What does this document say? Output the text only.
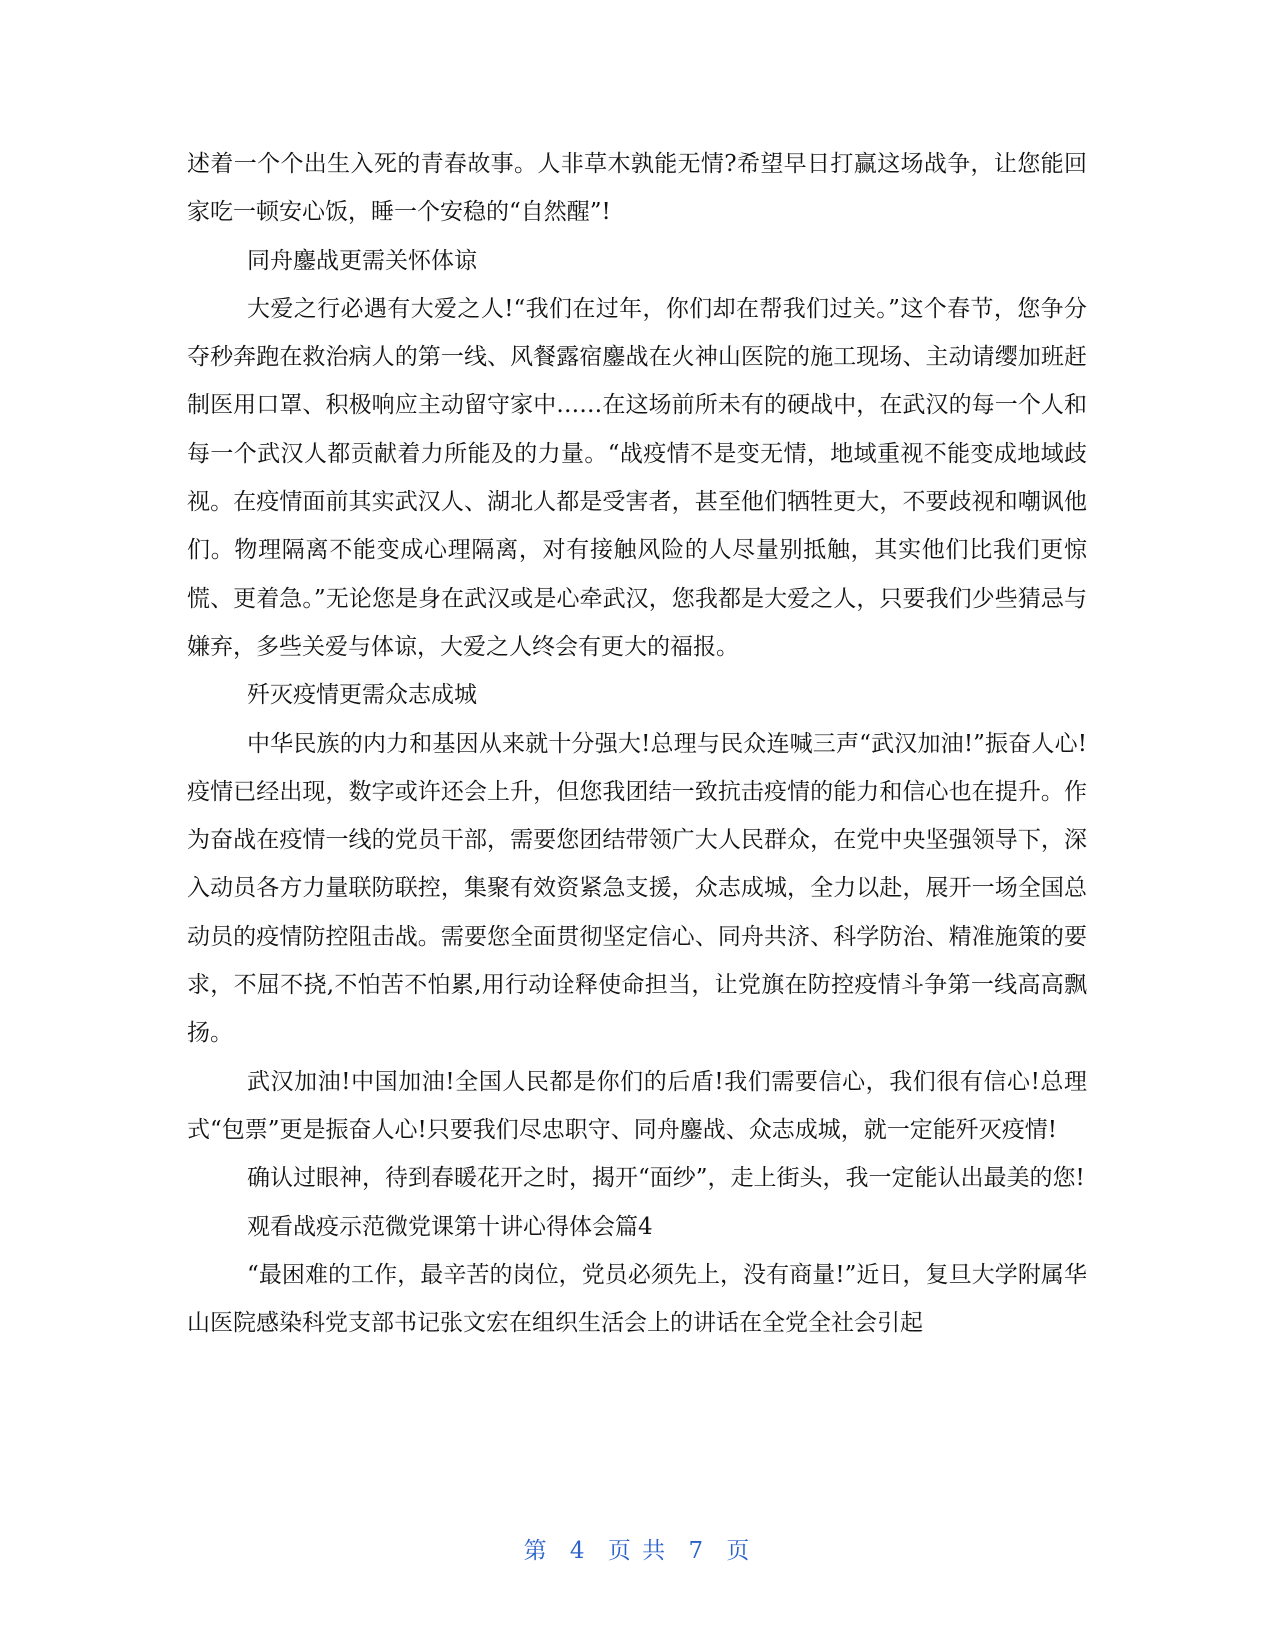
述着一个个出生入死的青春故事。人非草木孰能无情?希望早日打赢这场战争，让您能回家吃一顿安心饭，睡一个安稳的“自然醒”!

同舟鏖战更需关怀体谅

大爱之行必遇有大爱之人!“我们在过年，你们却在帮我们过关。”这个春节，您争分夺秒奔跑在救治病人的第一线、风餐露宿鏖战在火神山医院的施工现场、主动请缨加班赶制医用口罩、积极响应主动留守家中……在这场前所未有的硬战中，在武汉的每一个人和每一个武汉人都贡献着力所能及的力量。“战疫情不是变无情，地域重视不能变成地域歧视。在疫情面前其实武汉人、湖北人都是受害者，甚至他们牺牲更大，不要歧视和嘲讽他们。物理隔离不能变成心理隔离，对有接触风险的人尽量别抵触，其实他们比我们更惊慌、更着急。”无论您是身在武汉或是心牵武汉，您我都是大爱之人，只要我们少些猜忌与嫌弃，多些关爱与体谅，大爱之人终会有更大的福报。

歼灭疫情更需众志成城

中华民族的内力和基因从来就十分强大!总理与民众连喊三声“武汉加油!”振奋人心!疫情已经出现，数字或许还会上升，但您我团结一致抗击疫情的能力和信心也在提升。作为奋战在疫情一线的党员干部，需要您团结带领广大人民群众，在党中央坚强领导下，深入动员各方力量联防联控，集聚有效资紧急支援，众志成城，全力以赴，展开一场全国总动员的疫情防控阻击战。需要您全面贯彻坚定信心、同舟共济、科学防治、精准施策的要求，不屈不挠,不怕苦不怕累,用行动诠释使命担当，让党旗在防控疫情斗争第一线高高飘扬。

武汉加油!中国加油!全国人民都是你们的后盾!我们需要信心，我们很有信心!总理式“包票”更是振奋人心!只要我们尽忠职守、同舟鏖战、众志成城，就一定能歼灭疫情!

确认过眼神，待到春暖花开之时，揭开“面纱”，走上街头，我一定能认出最美的您!

观看战疫示范微党课第十讲心得体会篇4

“最困难的工作，最辛苦的岗位，党员必须先上，没有商量!”近日，复旦大学附属华山医院感染科党支部书记张文宏在组织生活会上的讲话在全党全社会引起

第 4 页 共 7 页
